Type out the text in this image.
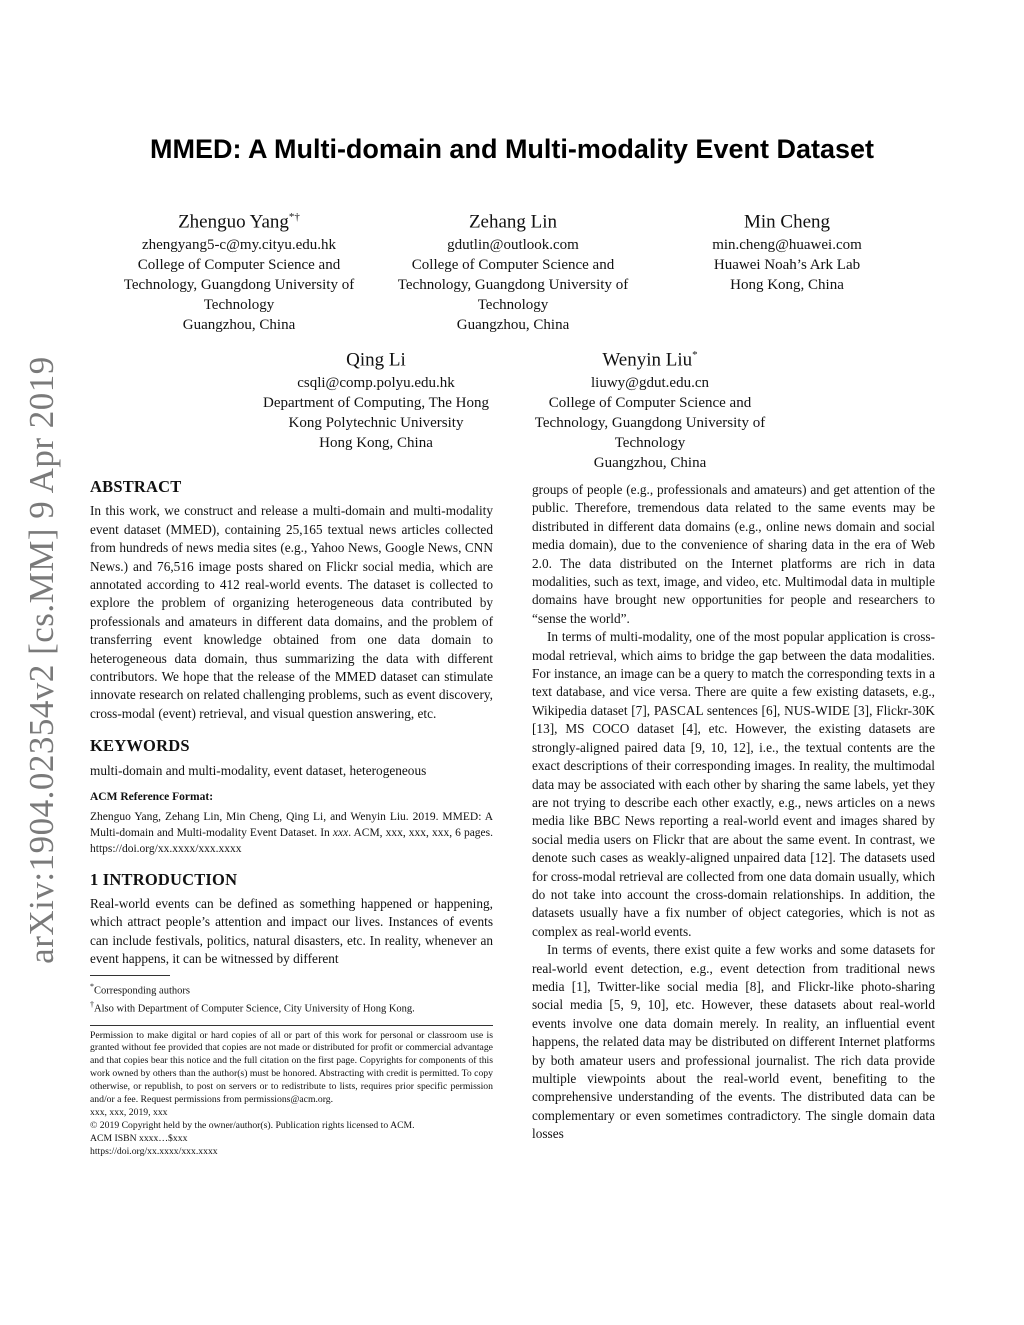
arXiv:1904.02354v2 [cs.MM] 9 Apr 2019
MMED: A Multi-domain and Multi-modality Event Dataset
Zhenguo Yang*†
zhengyang5-c@my.cityu.edu.hk
College of Computer Science and
Technology, Guangdong University of
Technology
Guangzhou, China
Zehang Lin
gdutlin@outlook.com
College of Computer Science and
Technology, Guangdong University of
Technology
Guangzhou, China
Min Cheng
min.cheng@huawei.com
Huawei Noah’s Ark Lab
Hong Kong, China
Qing Li
csqli@comp.polyu.edu.hk
Department of Computing, The Hong
Kong Polytechnic University
Hong Kong, China
Wenyin Liu*
liuwy@gdut.edu.cn
College of Computer Science and
Technology, Guangdong University of
Technology
Guangzhou, China
ABSTRACT

In this work, we construct and release a multi-domain and multi-modality event dataset (MMED), containing 25,165 textual news articles collected from hundreds of news media sites (e.g., Yahoo News, Google News, CNN News.) and 76,516 image posts shared on Flickr social media, which are annotated according to 412 real-world events. The dataset is collected to explore the problem of organizing heterogeneous data contributed by professionals and amateurs in different data domains, and the problem of transferring event knowledge obtained from one data domain to heterogeneous data domain, thus summarizing the data with different contributors. We hope that the release of the MMED dataset can stimulate innovate research on related challenging problems, such as event discovery, cross-modal (event) retrieval, and visual question answering, etc.

KEYWORDS

multi-domain and multi-modality, event dataset, heterogeneous

ACM Reference Format:

Zhenguo Yang, Zehang Lin, Min Cheng, Qing Li, and Wenyin Liu. 2019. MMED: A Multi-domain and Multi-modality Event Dataset. In xxx. ACM, xxx, xxx, xxx, 6 pages. https://doi.org/xx.xxxx/xxx.xxxx

1 INTRODUCTION

Real-world events can be defined as something happened or happening, which attract people’s attention and impact our lives. Instances of events can include festivals, politics, natural disasters, etc. In reality, whenever an event happens, it can be witnessed by different

*Corresponding authors

†Also with Department of Computer Science, City University of Hong Kong.

Permission to make digital or hard copies of all or part of this work for personal or classroom use is granted without fee provided that copies are not made or distributed for profit or commercial advantage and that copies bear this notice and the full citation on the first page. Copyrights for components of this work owned by others than the author(s) must be honored. Abstracting with credit is permitted. To copy otherwise, or republish, to post on servers or to redistribute to lists, requires prior specific permission and/or a fee. Request permissions from permissions@acm.org.

xxx, xxx, 2019, xxx

© 2019 Copyright held by the owner/author(s). Publication rights licensed to ACM.

ACM ISBN xxxx…$xxx

https://doi.org/xx.xxxx/xxx.xxxx

groups of people (e.g., professionals and amateurs) and get attention of the public. Therefore, tremendous data related to the same events may be distributed in different data domains (e.g., online news domain and social media domain), due to the convenience of sharing data in the era of Web 2.0. The data distributed on the Internet platforms are rich in data modalities, such as text, image, and video, etc. Multimodal data in multiple domains have brought new opportunities for people and researchers to “sense the world”.

In terms of multi-modality, one of the most popular application is cross-modal retrieval, which aims to bridge the gap between the data modalities. For instance, an image can be a query to match the corresponding texts in a text database, and vice versa. There are quite a few existing datasets, e.g., Wikipedia dataset [7], PASCAL sentences [6], NUS-WIDE [3], Flickr-30K [13], MS COCO dataset [4], etc. However, the existing datasets are strongly-aligned paired data [9, 10, 12], i.e., the textual contents are the exact descriptions of their corresponding images. In reality, the multimodal data may be associated with each other by sharing the same labels, yet they are not trying to describe each other exactly, e.g., news articles on a news media like BBC News reporting a real-world event and images shared by social media users on Flickr that are about the same event. In contrast, we denote such cases as weakly-aligned unpaired data [12]. The datasets used for cross-modal retrieval are collected from one data domain usually, which do not take into account the cross-domain relationships. In addition, the datasets usually have a fix number of object categories, which is not as complex as real-world events.

In terms of events, there exist quite a few works and some datasets for real-world event detection, e.g., event detection from traditional news media [1], Twitter-like social media [8], and Flickr-like photo-sharing social media [5, 9, 10], etc. However, these datasets about real-world events involve one data domain merely. In reality, an influential event happens, the related data may be distributed on different Internet platforms by both amateur users and professional journalist. The rich data provide multiple viewpoints about the real-world event, benefiting to the comprehensive understanding of the events. The distributed data can be complementary or even sometimes contradictory. The single domain data losses
